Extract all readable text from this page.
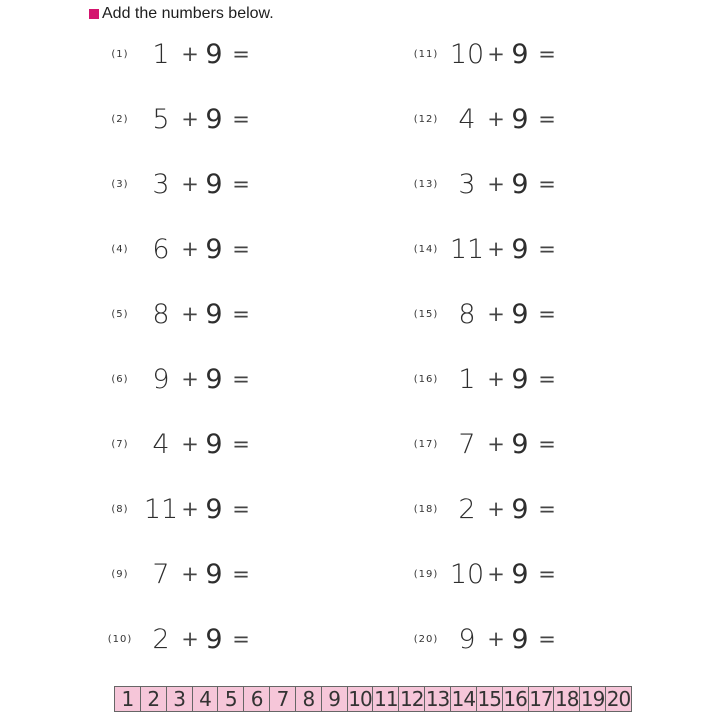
Add the numbers below.
(1) 1 + 9 =
(2) 5 + 9 =
(3) 3 + 9 =
(4) 6 + 9 =
(5) 8 + 9 =
(6) 9 + 9 =
(7) 4 + 9 =
(8) 11 + 9 =
(9) 7 + 9 =
(10) 2 + 9 =
(11) 10 + 9 =
(12) 4 + 9 =
(13) 3 + 9 =
(14) 11 + 9 =
(15) 8 + 9 =
(16) 1 + 9 =
(17) 7 + 9 =
(18) 2 + 9 =
(19) 10 + 9 =
(20) 9 + 9 =
1 2 3 4 5 6 7 8 9 10 11 12 13 14 15 16 17 18 19 20
